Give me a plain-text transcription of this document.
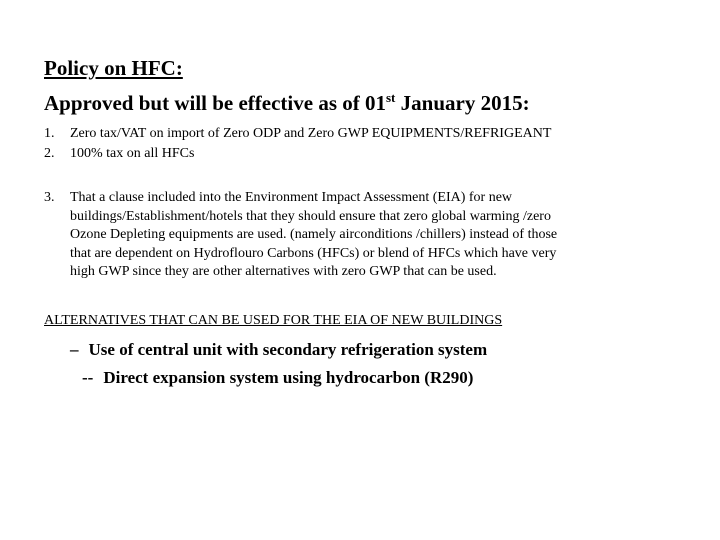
Policy on HFC:
Approved but will be effective as of 01st January 2015:
1.	Zero tax/VAT on import of Zero ODP and Zero GWP EQUIPMENTS/REFRIGEANT
2.	100% tax on all HFCs
3.	That a clause included into the Environment Impact Assessment (EIA) for new
buildings/Establishment/hotels that they should ensure that zero global warming /zero
Ozone Depleting equipments are used. (namely airconditions /chillers) instead of those
that are dependent on Hydroflouro Carbons (HFCs) or blend of HFCs which have very
high GWP since they are other alternatives with zero GWP that can be used.
ALTERNATIVES THAT CAN BE USED FOR THE EIA OF NEW BUILDINGS
– Use of central unit with secondary refrigeration system
-- Direct expansion system using hydrocarbon (R290)
